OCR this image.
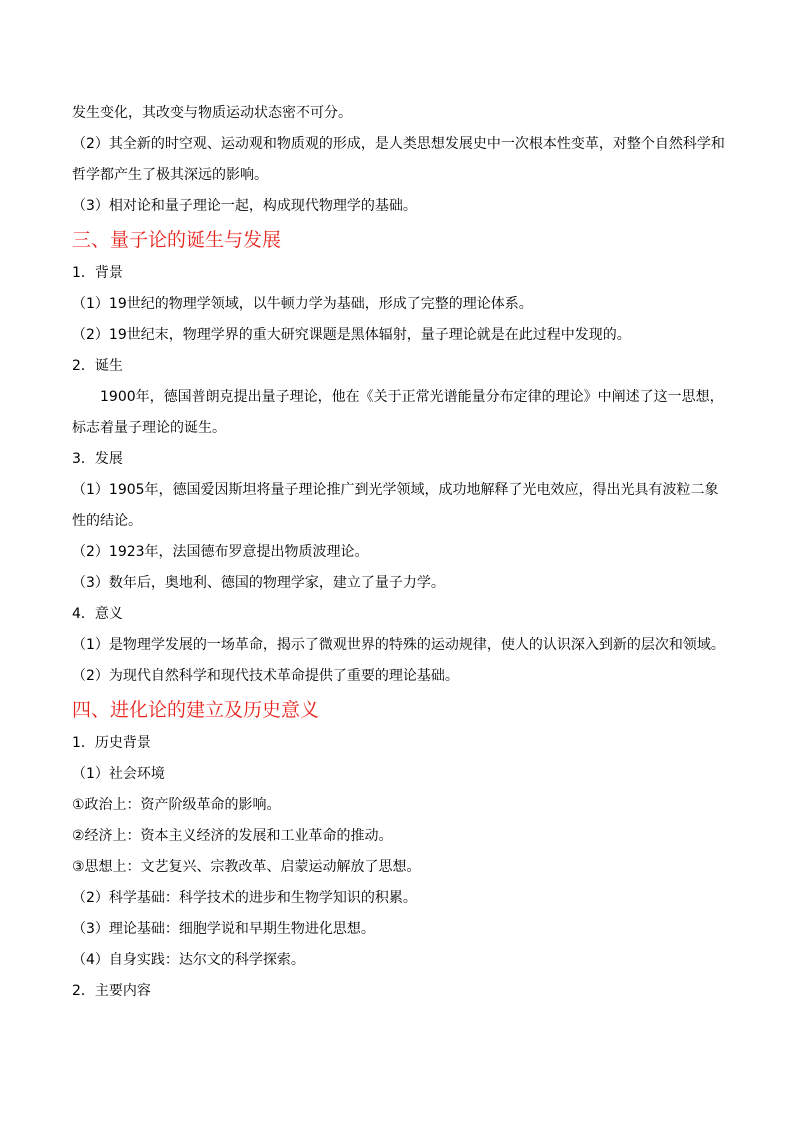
发生变化，其改变与物质运动状态密不可分。

（2）其全新的时空观、运动观和物质观的形成，是人类思想发展史中一次根本性变革，对整个自然科学和哲学都产生了极其深远的影响。

（3）相对论和量子理论一起，构成现代物理学的基础。

三、量子论的诞生与发展

1．背景

（1）19世纪的物理学领域，以牛顿力学为基础，形成了完整的理论体系。

（2）19世纪末，物理学界的重大研究课题是黑体辐射，量子理论就是在此过程中发现的。

2．诞生

1900年，德国普朗克提出量子理论，他在《关于正常光谱能量分布定律的理论》中阐述了这一思想，标志着量子理论的诞生。

3．发展

（1）1905年，德国爱因斯坦将量子理论推广到光学领域，成功地解释了光电效应，得出光具有波粒二象性的结论。

（2）1923年，法国德布罗意提出物质波理论。

（3）数年后，奥地利、德国的物理学家，建立了量子力学。

4．意义

（1）是物理学发展的一场革命，揭示了微观世界的特殊的运动规律，使人的认识深入到新的层次和领域。

（2）为现代自然科学和现代技术革命提供了重要的理论基础。

四、进化论的建立及历史意义

1．历史背景

（1）社会环境

①政治上：资产阶级革命的影响。

②经济上：资本主义经济的发展和工业革命的推动。

③思想上：文艺复兴、宗教改革、启蒙运动解放了思想。

（2）科学基础：科学技术的进步和生物学知识的积累。

（3）理论基础：细胞学说和早期生物进化思想。

（4）自身实践：达尔文的科学探索。

2．主要内容
